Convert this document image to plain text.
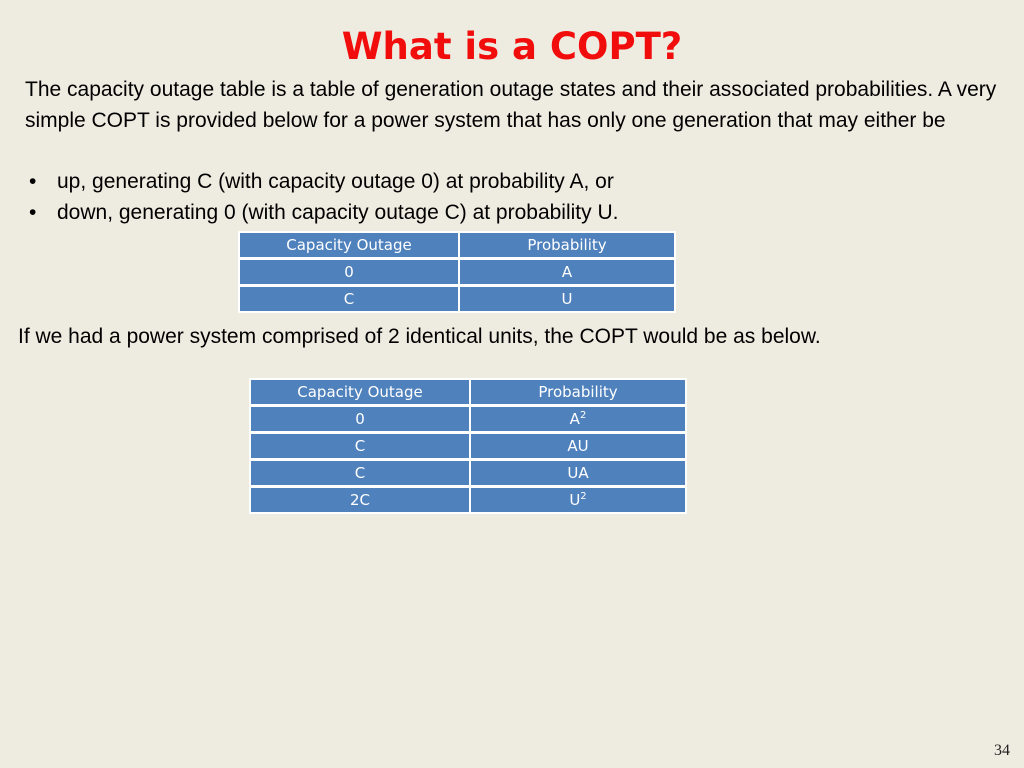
What is a COPT?

The capacity outage table is a table of generation outage states and their associated probabilities. A very simple COPT is provided below for a power system that has only one generation that may either be

• up, generating C (with capacity outage 0) at probability A, or
• down, generating 0 (with capacity outage C) at probability U.
Capacity Outage	Probability
0	A
C	U

If we had a power system comprised of 2 identical units, the COPT would be as below.

Capacity Outage	Probability
0	$A^2$
C	AU
C	UA
2C	$U^2$
34
